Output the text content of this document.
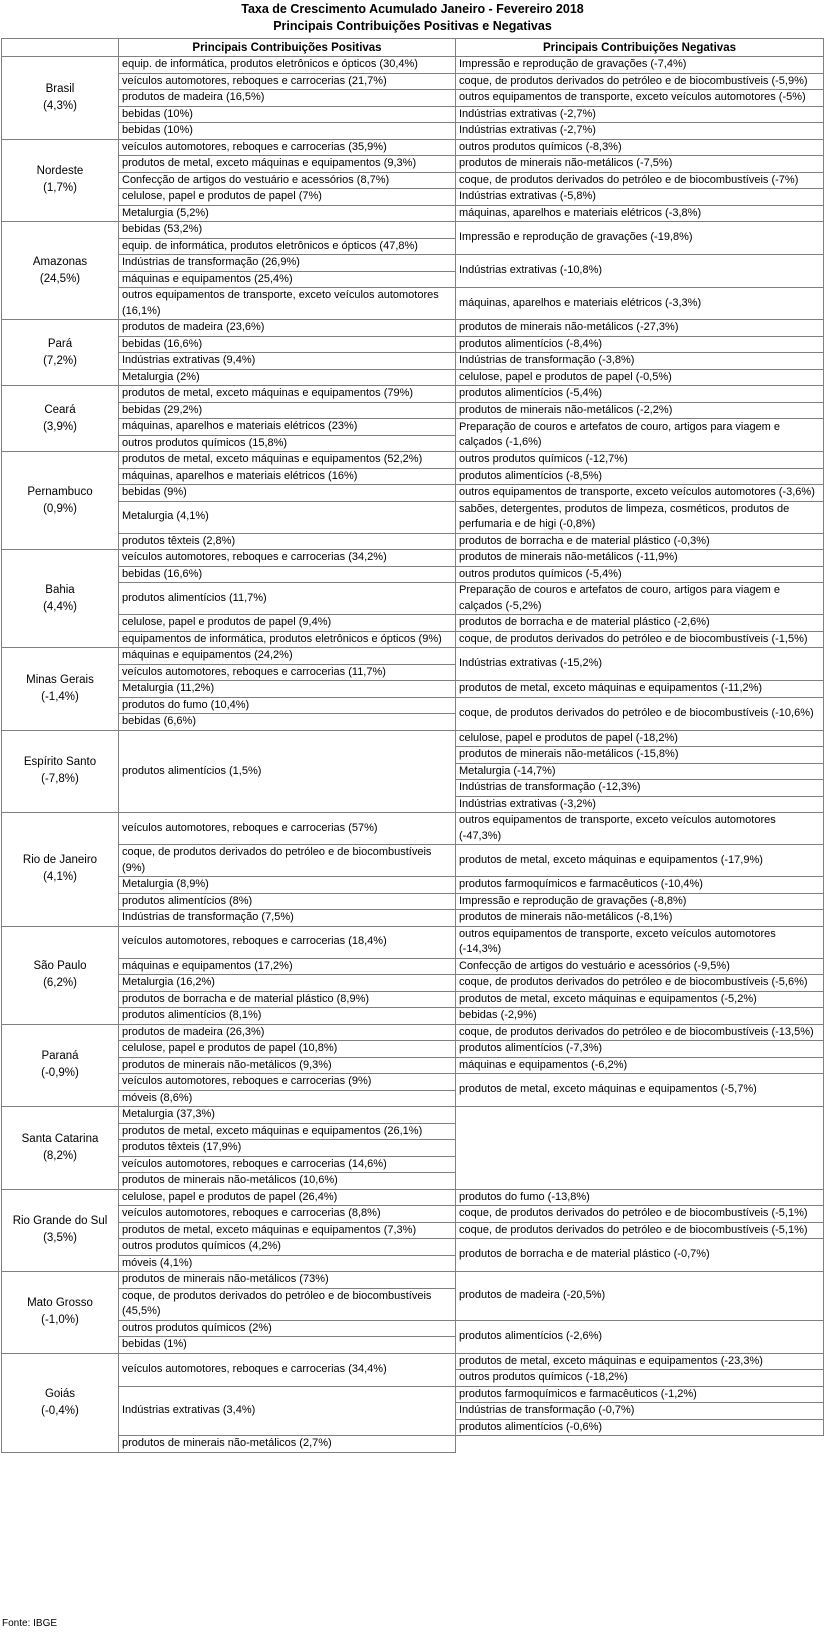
Taxa de Crescimento Acumulado Janeiro - Fevereiro 2018
Principais Contribuições Positivas e Negativas
	Principais Contribuições Positivas	Principais Contribuições Negativas

Brasil
(4,3%)	equip. de informática, produtos eletrônicos e ópticos (30,4%)	Impressão e reprodução de gravações (-7,4%)
	veículos automotores, reboques e carrocerias (21,7%)	coque, de produtos derivados do petróleo e de biocombustíveis (-5,9%)

	produtos de madeira (16,5%)	outros equipamentos de transporte, exceto veículos automotores (-5%)

	bebidas (10%)	Indústrias extrativas (-2,7%)
	bebidas (10%)	Indústrias extrativas (-2,7%)

Nordeste
(1,7%)	veículos automotores, reboques e carrocerias (35,9%)	outros produtos químicos (-8,3%)
	produtos de metal, exceto máquinas e equipamentos (9,3%)	produtos de minerais não-metálicos (-7,5%)
	Confecção de artigos do vestuário e acessórios (8,7%)	coque, de produtos derivados do petróleo e de biocombustíveis (-7%)

	celulose, papel e produtos de papel (7%)	Indústrias extrativas (-5,8%)
	Metalurgia (5,2%)	máquinas, aparelhos e materiais elétricos (-3,8%)

Amazonas
(24,5%)	bebidas (53,2%)	Impressão e reprodução de gravações (-19,8%)
	equip. de informática, produtos eletrônicos e ópticos (47,8%)	
	Indústrias de transformação (26,9%)	Indústrias extrativas (-10,8%)
	máquinas e equipamentos (25,4%)	
	outros equipamentos de transporte, exceto veículos automotores (16,1%)	máquinas, aparelhos e materiais elétricos (-3,3%)

Pará
(7,2%)	produtos de madeira (23,6%)	produtos de minerais não-metálicos (-27,3%)
	bebidas (16,6%)	produtos alimentícios (-8,4%)
	Indústrias extrativas (9,4%)	Indústrias de transformação (-3,8%)
	Metalurgia (2%)	celulose, papel e produtos de papel (-0,5%)

Ceará
(3,9%)	produtos de metal, exceto máquinas e equipamentos (79%)	produtos alimentícios (-5,4%)
	bebidas (29,2%)	produtos de minerais não-metálicos (-2,2%)
	máquinas, aparelhos e materiais elétricos (23%)	Preparação de couros e artefatos de couro, artigos para viagem e calçados (-1,6%)
	outros produtos químicos (15,8%)	

Pernambuco
(0,9%)	produtos de metal, exceto máquinas e equipamentos (52,2%)	outros produtos químicos (-12,7%)
	máquinas, aparelhos e materiais elétricos (16%)	produtos alimentícios (-8,5%)
	bebidas (9%)	outros equipamentos de transporte, exceto veículos automotores (-3,6%)

	Metalurgia (4,1%)	sabões, detergentes, produtos de limpeza, cosméticos, produtos de perfumaria e de higi (-0,8%)

	produtos têxteis (2,8%)	produtos de borracha e de material plástico (-0,3%)

Bahia
(4,4%)	veículos automotores, reboques e carrocerias (34,2%)	produtos de minerais não-metálicos (-11,9%)
	bebidas (16,6%)	outros produtos químicos (-5,4%)
	produtos alimentícios (11,7%)	Preparação de couros e artefatos de couro, artigos para viagem e calçados (-5,2%)

	celulose, papel e produtos de papel (9,4%)	produtos de borracha e de material plástico (-2,6%)
	equipamentos de informática, produtos eletrônicos e ópticos (9%)	coque, de produtos derivados do petróleo e de biocombustíveis (-1,5%)

Minas Gerais
(-1,4%)	máquinas e equipamentos (24,2%)	Indústrias extrativas (-15,2%)
	veículos automotores, reboques e carrocerias (11,7%)	
	Metalurgia (11,2%)	produtos de metal, exceto máquinas e equipamentos (-11,2%)
	produtos do fumo (10,4%)	coque, de produtos derivados do petróleo e de biocombustíveis (-10,6%)
	bebidas (6,6%)	

Espírito Santo
(-7,8%)	produtos alimentícios (1,5%)	celulose, papel e produtos de papel (-18,2%)
		produtos de minerais não-metálicos (-15,8%)
		Metalurgia (-14,7%)
		Indústrias de transformação (-12,3%)
		Indústrias extrativas (-3,2%)

Rio de Janeiro
(4,1%)	veículos automotores, reboques e carrocerias (57%)	outros equipamentos de transporte, exceto veículos automotores (-47,3%)

	coque, de produtos derivados do petróleo e de biocombustíveis (9%)	produtos de metal, exceto máquinas e equipamentos (-17,9%)

	Metalurgia (8,9%)	produtos farmoquímicos e farmacêuticos (-10,4%)
	produtos alimentícios (8%)	Impressão e reprodução de gravações (-8,8%)
	Indústrias de transformação (7,5%)	produtos de minerais não-metálicos (-8,1%)

São Paulo
(6,2%)	veículos automotores, reboques e carrocerias (18,4%)	outros equipamentos de transporte, exceto veículos automotores (-14,3%)

	máquinas e equipamentos (17,2%)	Confecção de artigos do vestuário e acessórios (-9,5%)
	Metalurgia (16,2%)	coque, de produtos derivados do petróleo e de biocombustíveis (-5,6%)

	produtos de borracha e de material plástico (8,9%)	produtos de metal, exceto máquinas e equipamentos (-5,2%)
	produtos alimentícios (8,1%)	bebidas (-2,9%)

Paraná
(-0,9%)	produtos de madeira (26,3%)	coque, de produtos derivados do petróleo e de biocombustíveis (-13,5%)

	celulose, papel e produtos de papel (10,8%)	produtos alimentícios (-7,3%)
	produtos de minerais não-metálicos (9,3%)	máquinas e equipamentos (-6,2%)
	veículos automotores, reboques e carrocerias (9%)	produtos de metal, exceto máquinas e equipamentos (-5,7%)
	móveis (8,6%)	

Santa Catarina
(8,2%)	Metalurgia (37,3%)	
	produtos de metal, exceto máquinas e equipamentos (26,1%)	

	produtos têxteis (17,9%)	
	veículos automotores, reboques e carrocerias (14,6%)	
	produtos de minerais não-metálicos (10,6%)	

Rio Grande do Sul
(3,5%)	celulose, papel e produtos de papel (26,4%)	produtos do fumo (-13,8%)
	veículos automotores, reboques e carrocerias (8,8%)	coque, de produtos derivados do petróleo e de biocombustíveis (-5,1%)

	produtos de metal, exceto máquinas e equipamentos (7,3%)	coque, de produtos derivados do petróleo e de biocombustíveis (-5,1%)

	outros produtos químicos (4,2%)	produtos de borracha e de material plástico (-0,7%)

	móveis (4,1%)	

Mato Grosso
(-1,0%)	produtos de minerais não-metálicos (73%)	produtos de madeira (-20,5%)
	coque, de produtos derivados do petróleo e de biocombustíveis (45,5%)	

	outros produtos químicos (2%)	produtos alimentícios (-2,6%)
	bebidas (1%)	

Goiás
(-0,4%)	veículos automotores, reboques e carrocerias (34,4%)	produtos de metal, exceto máquinas e equipamentos (-23,3%)
		outros produtos químicos (-18,2%)
	Indústrias extrativas (3,4%)	produtos farmoquímicos e farmacêuticos (-1,2%)
		Indústrias de transformação (-0,7%)
		produtos alimentícios (-0,6%)
	produtos de minerais não-metálicos (2,7%)	
Fonte: IBGE
